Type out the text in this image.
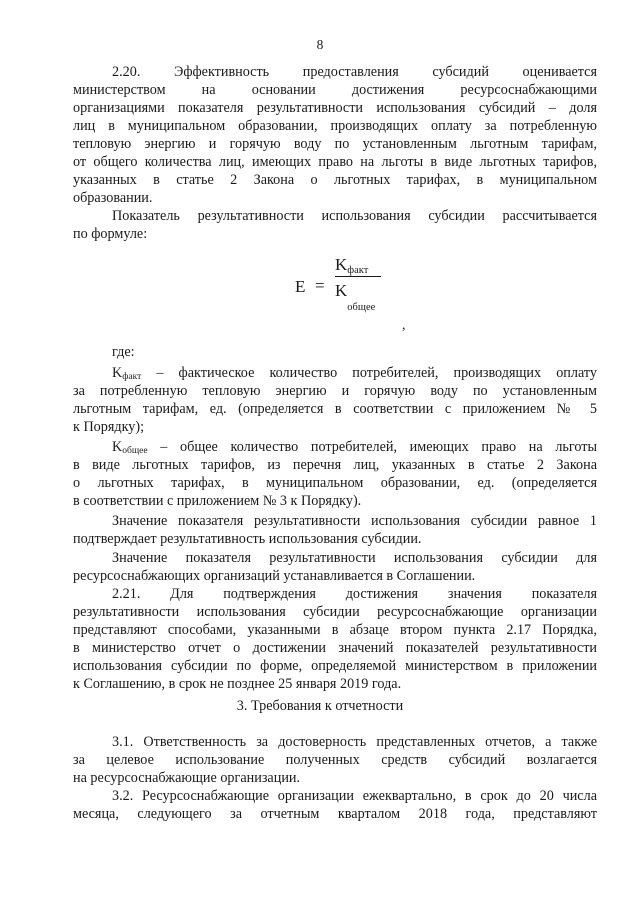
8
2.20. Эффективность предоставления субсидий оценивается
министерством на основании достижения ресурсоснабжающими
организациями показателя результативности использования субсидий – доля
лиц в муниципальном образовании, производящих оплату за потребленную
тепловую энергию и горячую воду по установленным льготным тарифам,
от общего количества лиц, имеющих право на льготы в виде льготных тарифов,
указанных в статье 2 Закона о льготных тарифах, в муниципальном
образовании.
Показатель результативности использования субсидии рассчитывается
по формуле:
E =
Kфакт
$K_{общее}$
,
где:
$K_{факт}$ – фактическое количество потребителей, производящих оплату
за потребленную тепловую энергию и горячую воду по установленным
льготным тарифам, ед. (определяется в соответствии с приложением № 5
к Порядку);
$K_{общее}$ – общее количество потребителей, имеющих право на льготы
в виде льготных тарифов, из перечня лиц, указанных в статье 2 Закона
о льготных тарифах, в муниципальном образовании, ед. (определяется
в соответствии с приложением № 3 к Порядку).
Значение показателя результативности использования субсидии равное 1
подтверждает результативность использования субсидии.
Значение показателя результативности использования субсидии для
ресурсоснабжающих организаций устанавливается в Соглашении.
2.21. Для подтверждения достижения значения показателя
результативности использования субсидии ресурсоснабжающие организации
представляют способами, указанными в абзаце втором пункта 2.17 Порядка,
в министерство отчет о достижении значений показателей результативности
использования субсидии по форме, определяемой министерством в приложении
к Соглашению, в срок не позднее 25 января 2019 года.
3. Требования к отчетности
3.1. Ответственность за достоверность представленных отчетов, а также
за целевое использование полученных средств субсидий возлагается
на ресурсоснабжающие организации.
3.2. Ресурсоснабжающие организации ежеквартально, в срок до 20 числа
месяца, следующего за отчетным кварталом 2018 года, представляют
